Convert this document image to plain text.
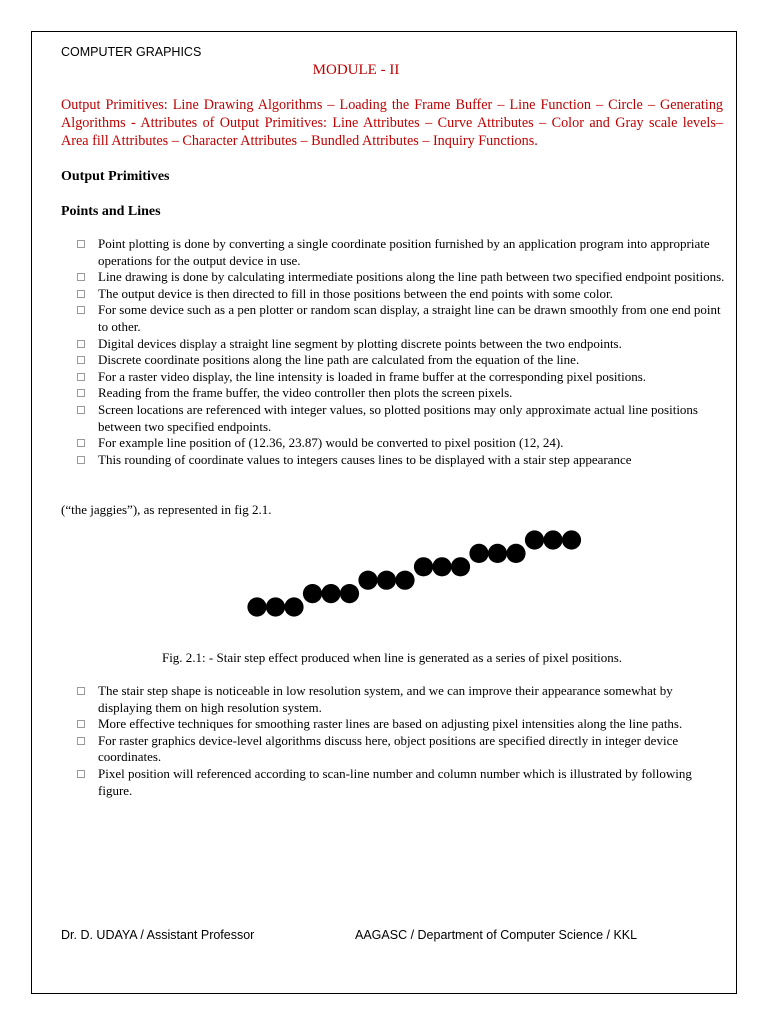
COMPUTER GRAPHICS
MODULE - II
Output Primitives: Line Drawing Algorithms – Loading the Frame Buffer – Line Function – Circle – Generating Algorithms - Attributes of Output Primitives: Line Attributes – Curve Attributes – Color and Gray scale levels– Area fill Attributes – Character Attributes – Bundled Attributes – Inquiry Functions.
Output Primitives
Points and Lines
Point plotting is done by converting a single coordinate position furnished by an application program into appropriate operations for the output device in use.
Line drawing is done by calculating intermediate positions along the line path between two specified endpoint positions.
The output device is then directed to fill in those positions between the end points with some color.
For some device such as a pen plotter or random scan display, a straight line can be drawn smoothly from one end point to other.
Digital devices display a straight line segment by plotting discrete points between the two endpoints.
Discrete coordinate positions along the line path are calculated from the equation of the line.
For a raster video display, the line intensity is loaded in frame buffer at the corresponding pixel positions.
Reading from the frame buffer, the video controller then plots the screen pixels.
Screen locations are referenced with integer values, so plotted positions may only approximate actual line positions between two specified endpoints.
For example line position of (12.36, 23.87) would be converted to pixel position (12, 24).
This rounding of coordinate values to integers causes lines to be displayed with a stair step appearance
(“the jaggies”), as represented in fig 2.1.
Fig. 2.1: - Stair step effect produced when line is generated as a series of pixel positions.
The stair step shape is noticeable in low resolution system, and we can improve their appearance somewhat by displaying them on high resolution system.
More effective techniques for smoothing raster lines are based on adjusting pixel intensities along the line paths.
For raster graphics device-level algorithms discuss here, object positions are specified directly in integer device coordinates.
Pixel position will referenced according to scan-line number and column number which is illustrated by following figure.
Dr. D. UDAYA / Assistant Professor	AAGASC / Department of Computer Science / KKL
